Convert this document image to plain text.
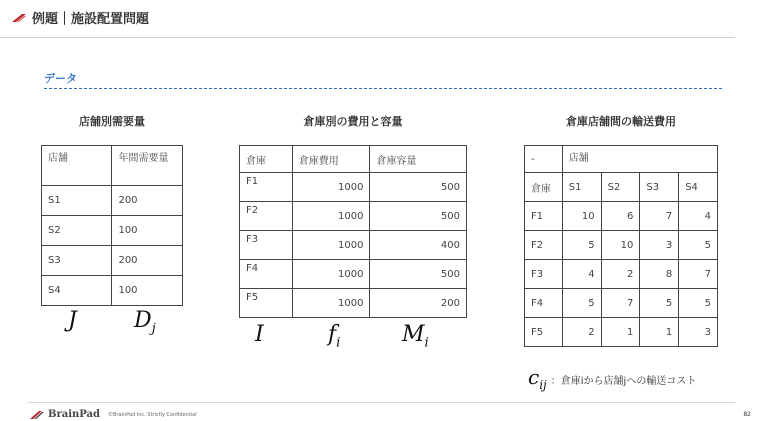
例題｜施設配置問題
データ
店舗別需要量
店舗	年間需要量
S1	200
S2	100
S3	200
S4	100
J	$D_j$
倉庫別の費用と容量
倉庫	倉庫費用	倉庫容量
F1	1000	500
F2	1000	500
F3	1000	400
F4	1000	500
F5	1000	200
I	$f_i$	$M_i$
倉庫店舗間の輸送費用
-	店舗			
倉庫	S1	S2	S3	S4
F1	10	6	7	4
F2	5	10	3	5
F3	4	2	8	7
F4	5	7	5	5
F5	2	1	1	3
$c_{ij}$ ：倉庫iから店舗jへの輸送コスト
BrainPad ©BrainPad Inc. Strictly Confidential	82
